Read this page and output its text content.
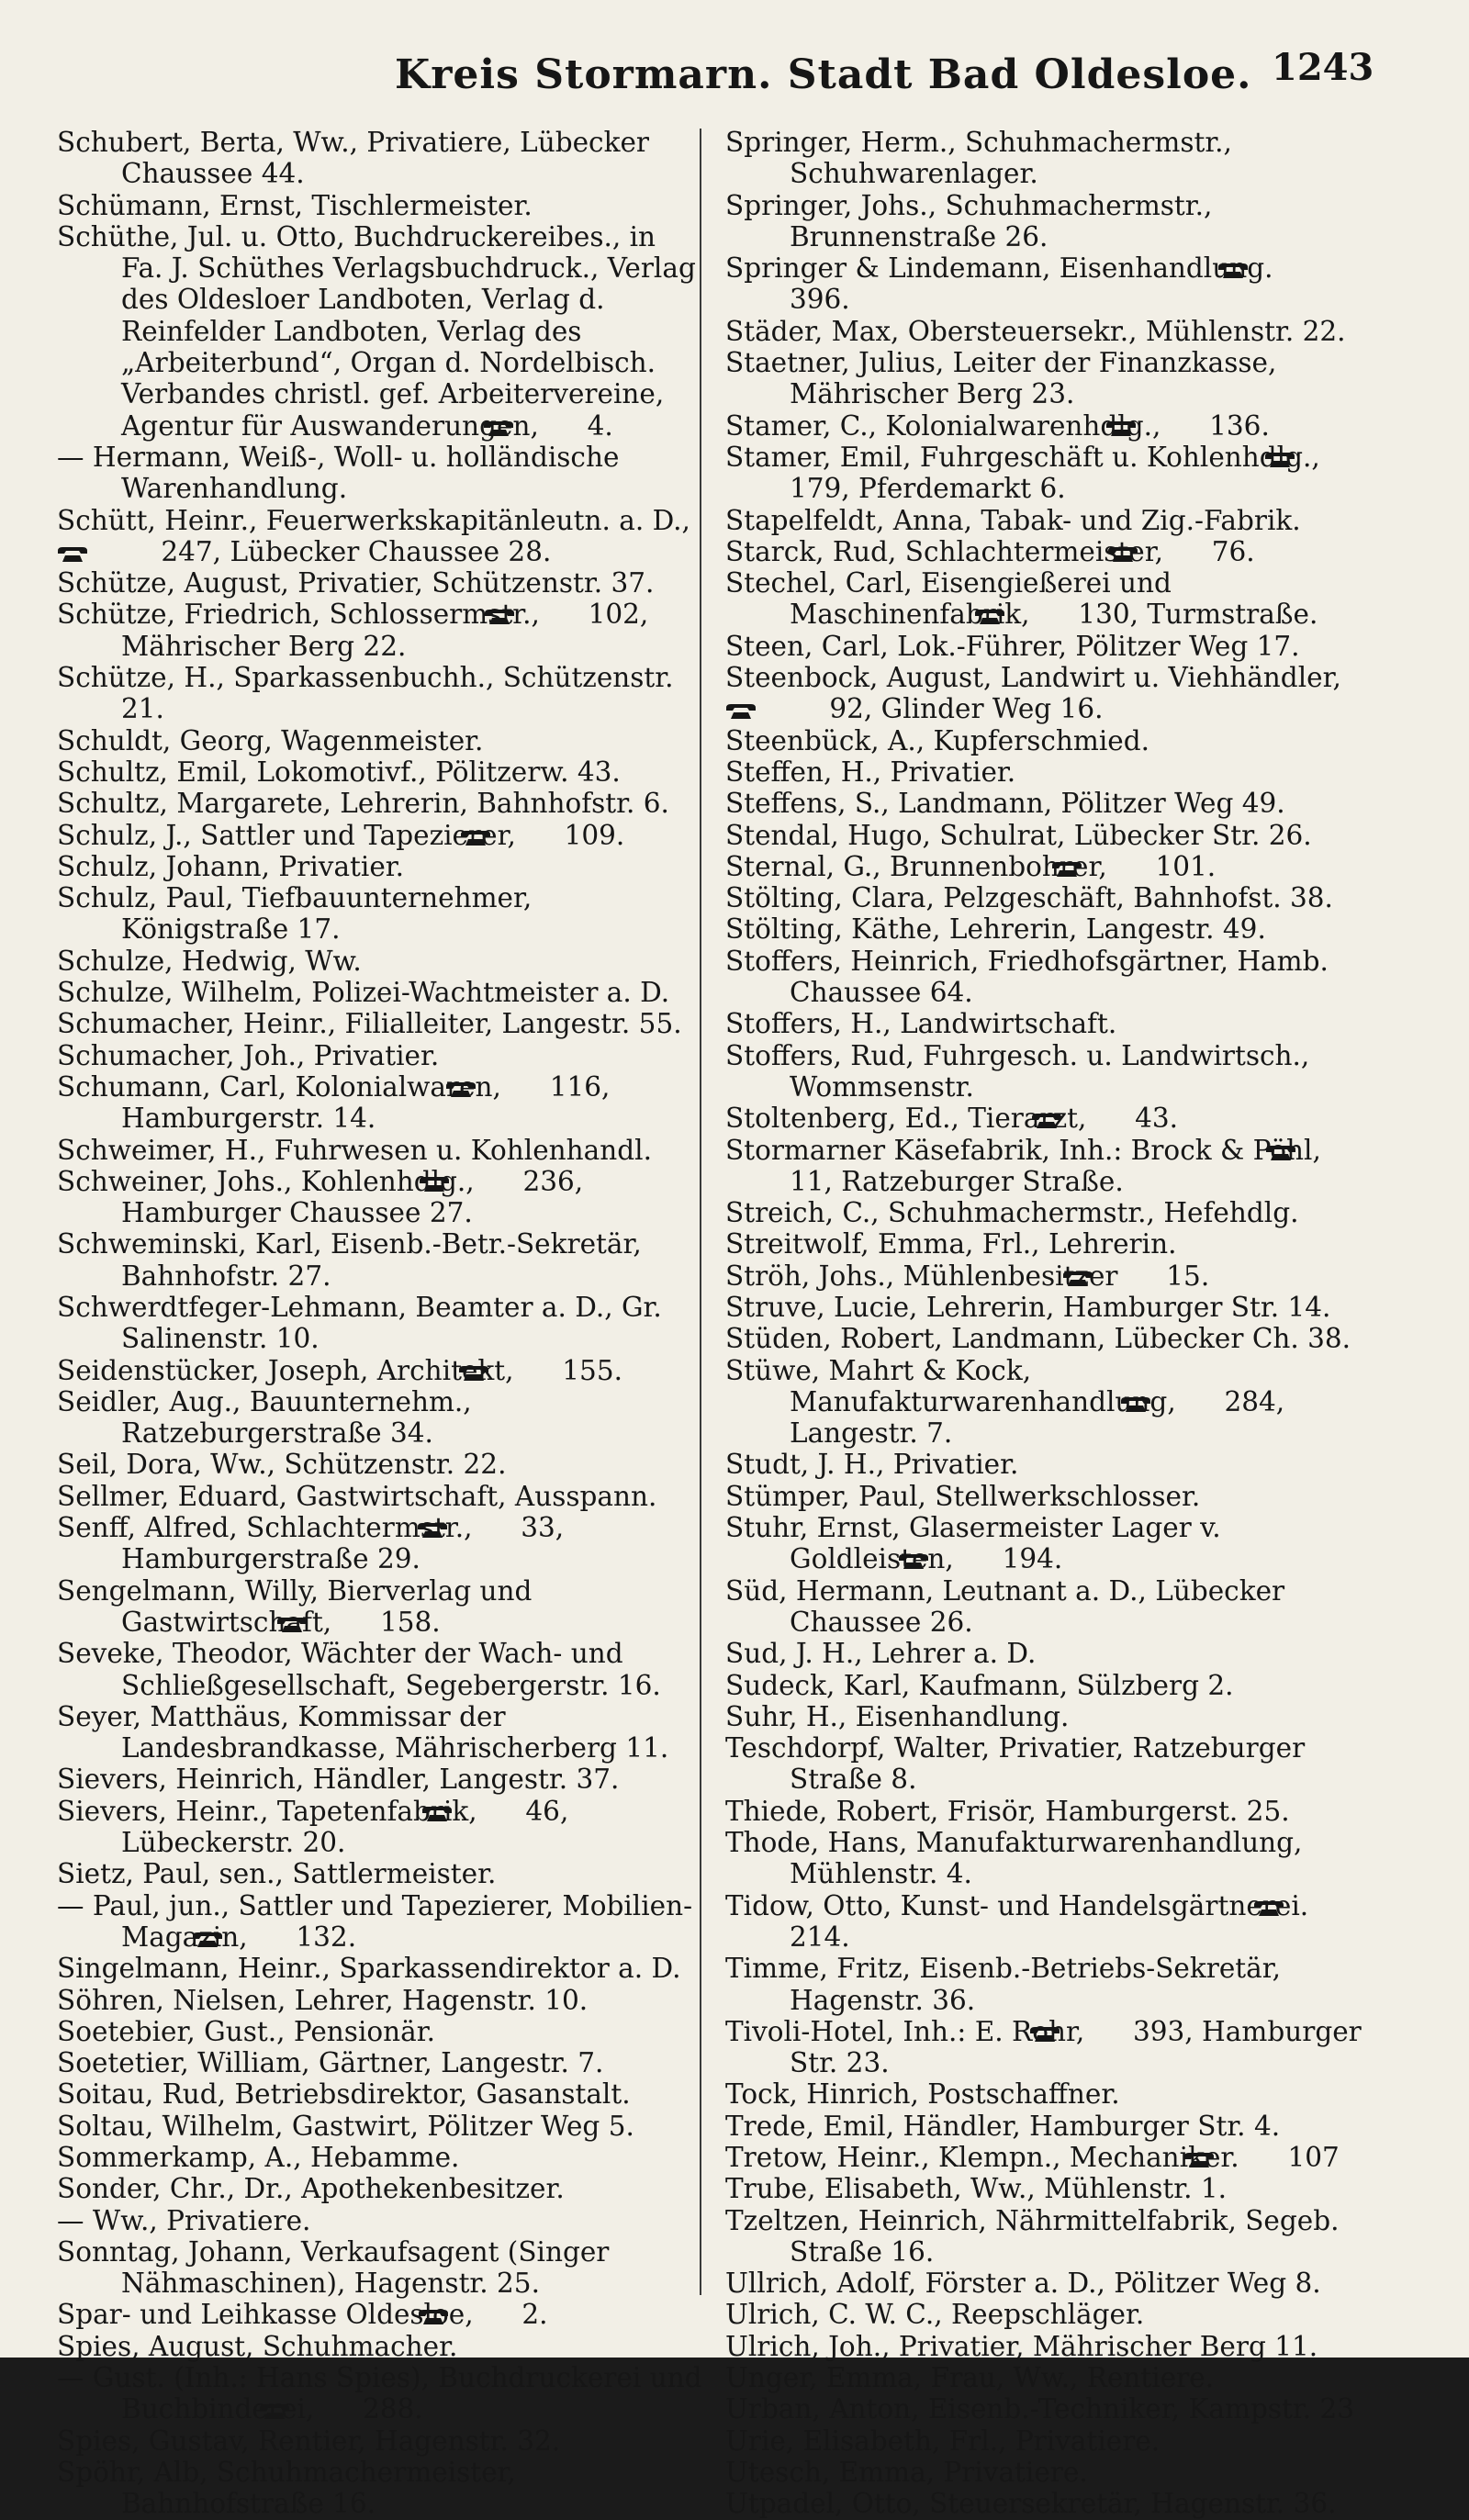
Kreis Stormarn. Stadt Bad Oldesloe. 1243
Schubert, Berta, Ww., Privatiere, Lübecker Chaussee 44.
Schümann, Ernst, Tischlermeister.
Schüthe, Jul. u. Otto, Buchdruckereibes., in Fa. J. Schüthes Verlagsbuchdruck., Verlag des Oldesloer Landboten, Verlag d. Reinfelder Landboten, Verlag des „Arbeiterbund“, Organ d. Nordelbisch. Verbandes christl. gef. Arbeitervereine, Agentur für Auswanderungen,  4.
— Hermann, Weiß-, Woll- u. holländische Warenhandlung.
Schütt, Heinr., Feuerwerkskapitänleutn. a. D.,  247, Lübecker Chaussee 28.
Schütze, August, Privatier, Schützenstr. 37.
Schütze, Friedrich, Schlossermstr.,  102, Mährischer Berg 22.
Schütze, H., Sparkassenbuchh., Schützenstr. 21.
Schuldt, Georg, Wagenmeister.
Schultz, Emil, Lokomotivf., Pölitzerw. 43.
Schultz, Margarete, Lehrerin, Bahnhofstr. 6.
Schulz, J., Sattler und Tapezierer,  109.
Schulz, Johann, Privatier.
Schulz, Paul, Tiefbauunternehmer, Königstraße 17.
Schulze, Hedwig, Ww.
Schulze, Wilhelm, Polizei-Wachtmeister a. D.
Schumacher, Heinr., Filialleiter, Langestr. 55.
Schumacher, Joh., Privatier.
Schumann, Carl, Kolonialwaren,  116, Hamburgerstr. 14.
Schweimer, H., Fuhrwesen u. Kohlenhandl.
Schweiner, Johs., Kohlenhdlg.,  236, Hamburger Chaussee 27.
Schweminski, Karl, Eisenb.-Betr.-Sekretär, Bahnhofstr. 27.
Schwerdtfeger-Lehmann, Beamter a. D., Gr. Salinenstr. 10.
Seidenstücker, Joseph, Architekt,  155.
Seidler, Aug., Bauunternehm., Ratzeburgerstraße 34.
Seil, Dora, Ww., Schützenstr. 22.
Sellmer, Eduard, Gastwirtschaft, Ausspann.
Senff, Alfred, Schlachtermstr.,  33, Hamburgerstraße 29.
Sengelmann, Willy, Bierverlag und Gastwirtschaft,  158.
Seveke, Theodor, Wächter der Wach- und Schließgesellschaft, Segebergerstr. 16.
Seyer, Matthäus, Kommissar der Landesbrandkasse, Mährischerberg 11.
Sievers, Heinrich, Händler, Langestr. 37.
Sievers, Heinr., Tapetenfabrik,  46, Lübeckerstr. 20.
Sietz, Paul, sen., Sattlermeister.
— Paul, jun., Sattler und Tapezierer, Mobilien-Magazin,  132.
Singelmann, Heinr., Sparkassendirektor a. D.
Söhren, Nielsen, Lehrer, Hagenstr. 10.
Soetebier, Gust., Pensionär.
Soetetier, William, Gärtner, Langestr. 7.
Soitau, Rud, Betriebsdirektor, Gasanstalt.
Soltau, Wilhelm, Gastwirt, Pölitzer Weg 5.
Sommerkamp, A., Hebamme.
Sonder, Chr., Dr., Apothekenbesitzer.
— Ww., Privatiere.
Sonntag, Johann, Verkaufsagent (Singer Nähmaschinen), Hagenstr. 25.
Spar- und Leihkasse Oldesloe,  2.
Spies, August, Schuhmacher.
— Gust. (Inh.: Hans Spies), Buchdruckerei und Buchbinderei,  288.
Spies, Gustav, Rentier, Hagenstr. 32.
Spöhr, Alb, Schuhmachermeister, Bahnhofstraße 16.
Springer, Herm., Schuhmachermstr., Schuhwarenlager.
Springer, Johs., Schuhmachermstr., Brunnenstraße 26.
Springer & Lindemann, Eisenhandlung.  396.
Städer, Max, Obersteuersekr., Mühlenstr. 22.
Staetner, Julius, Leiter der Finanzkasse, Mährischer Berg 23.
Stamer, C., Kolonialwarenhdlg.,  136.
Stamer, Emil, Fuhrgeschäft u. Kohlenhdlg.,  179, Pferdemarkt 6.
Stapelfeldt, Anna, Tabak- und Zig.-Fabrik.
Starck, Rud, Schlachtermeister,  76.
Stechel, Carl, Eisengießerei und Maschinenfabrik,  130, Turmstraße.
Steen, Carl, Lok.-Führer, Pölitzer Weg 17.
Steenbock, August, Landwirt u. Viehhändler,  92, Glinder Weg 16.
Steenbück, A., Kupferschmied.
Steffen, H., Privatier.
Steffens, S., Landmann, Pölitzer Weg 49.
Stendal, Hugo, Schulrat, Lübecker Str. 26.
Sternal, G., Brunnenbohrer,  101.
Stölting, Clara, Pelzgeschäft, Bahnhofst. 38.
Stölting, Käthe, Lehrerin, Langestr. 49.
Stoffers, Heinrich, Friedhofsgärtner, Hamb. Chaussee 64.
Stoffers, H., Landwirtschaft.
Stoffers, Rud, Fuhrgesch. u. Landwirtsch., Wommsenstr.
Stoltenberg, Ed., Tierarzt,  43.
Stormarner Käsefabrik, Inh.: Brock & Pöhl,  11, Ratzeburger Straße.
Streich, C., Schuhmachermstr., Hefehdlg.
Streitwolf, Emma, Frl., Lehrerin.
Ströh, Johs., Mühlenbesitzer  15.
Struve, Lucie, Lehrerin, Hamburger Str. 14.
Stüden, Robert, Landmann, Lübecker Ch. 38.
Stüwe, Mahrt & Kock, Manufakturwarenhandlung,  284, Langestr. 7.
Studt, J. H., Privatier.
Stümper, Paul, Stellwerkschlosser.
Stuhr, Ernst, Glasermeister Lager v. Goldleisten,  194.
Süd, Hermann, Leutnant a. D., Lübecker Chaussee 26.
Sud, J. H., Lehrer a. D.
Sudeck, Karl, Kaufmann, Sülzberg 2.
Suhr, H., Eisenhandlung.
Teschdorpf, Walter, Privatier, Ratzeburger Straße 8.
Thiede, Robert, Frisör, Hamburgerst. 25.
Thode, Hans, Manufakturwarenhandlung, Mühlenstr. 4.
Tidow, Otto, Kunst- und Handelsgärtnerei.  214.
Timme, Fritz, Eisenb.-Betriebs-Sekretär, Hagenstr. 36.
Tivoli-Hotel, Inh.: E. Rohr,  393, Hamburger Str. 23.
Tock, Hinrich, Postschaffner.
Trede, Emil, Händler, Hamburger Str. 4.
Tretow, Heinr., Klempn., Mechaniker.  107
Trube, Elisabeth, Ww., Mühlenstr. 1.
Tzeltzen, Heinrich, Nährmittelfabrik, Segeb. Straße 16.
Ullrich, Adolf, Förster a. D., Pölitzer Weg 8.
Ulrich, C. W. C., Reepschläger.
Ulrich, Joh., Privatier, Mährischer Berg 11.
Unger, Emma, Frau, Ww., Rentiere.
Urban, Anton, Eisenb.-Techniker, Kampstr. 23
Urie, Elisabeth, Frl., Privatiere.
Utesch, Emma, Privatiere.
Utpadel, Otto, Steuersekretär, Hagenstr. 36.
